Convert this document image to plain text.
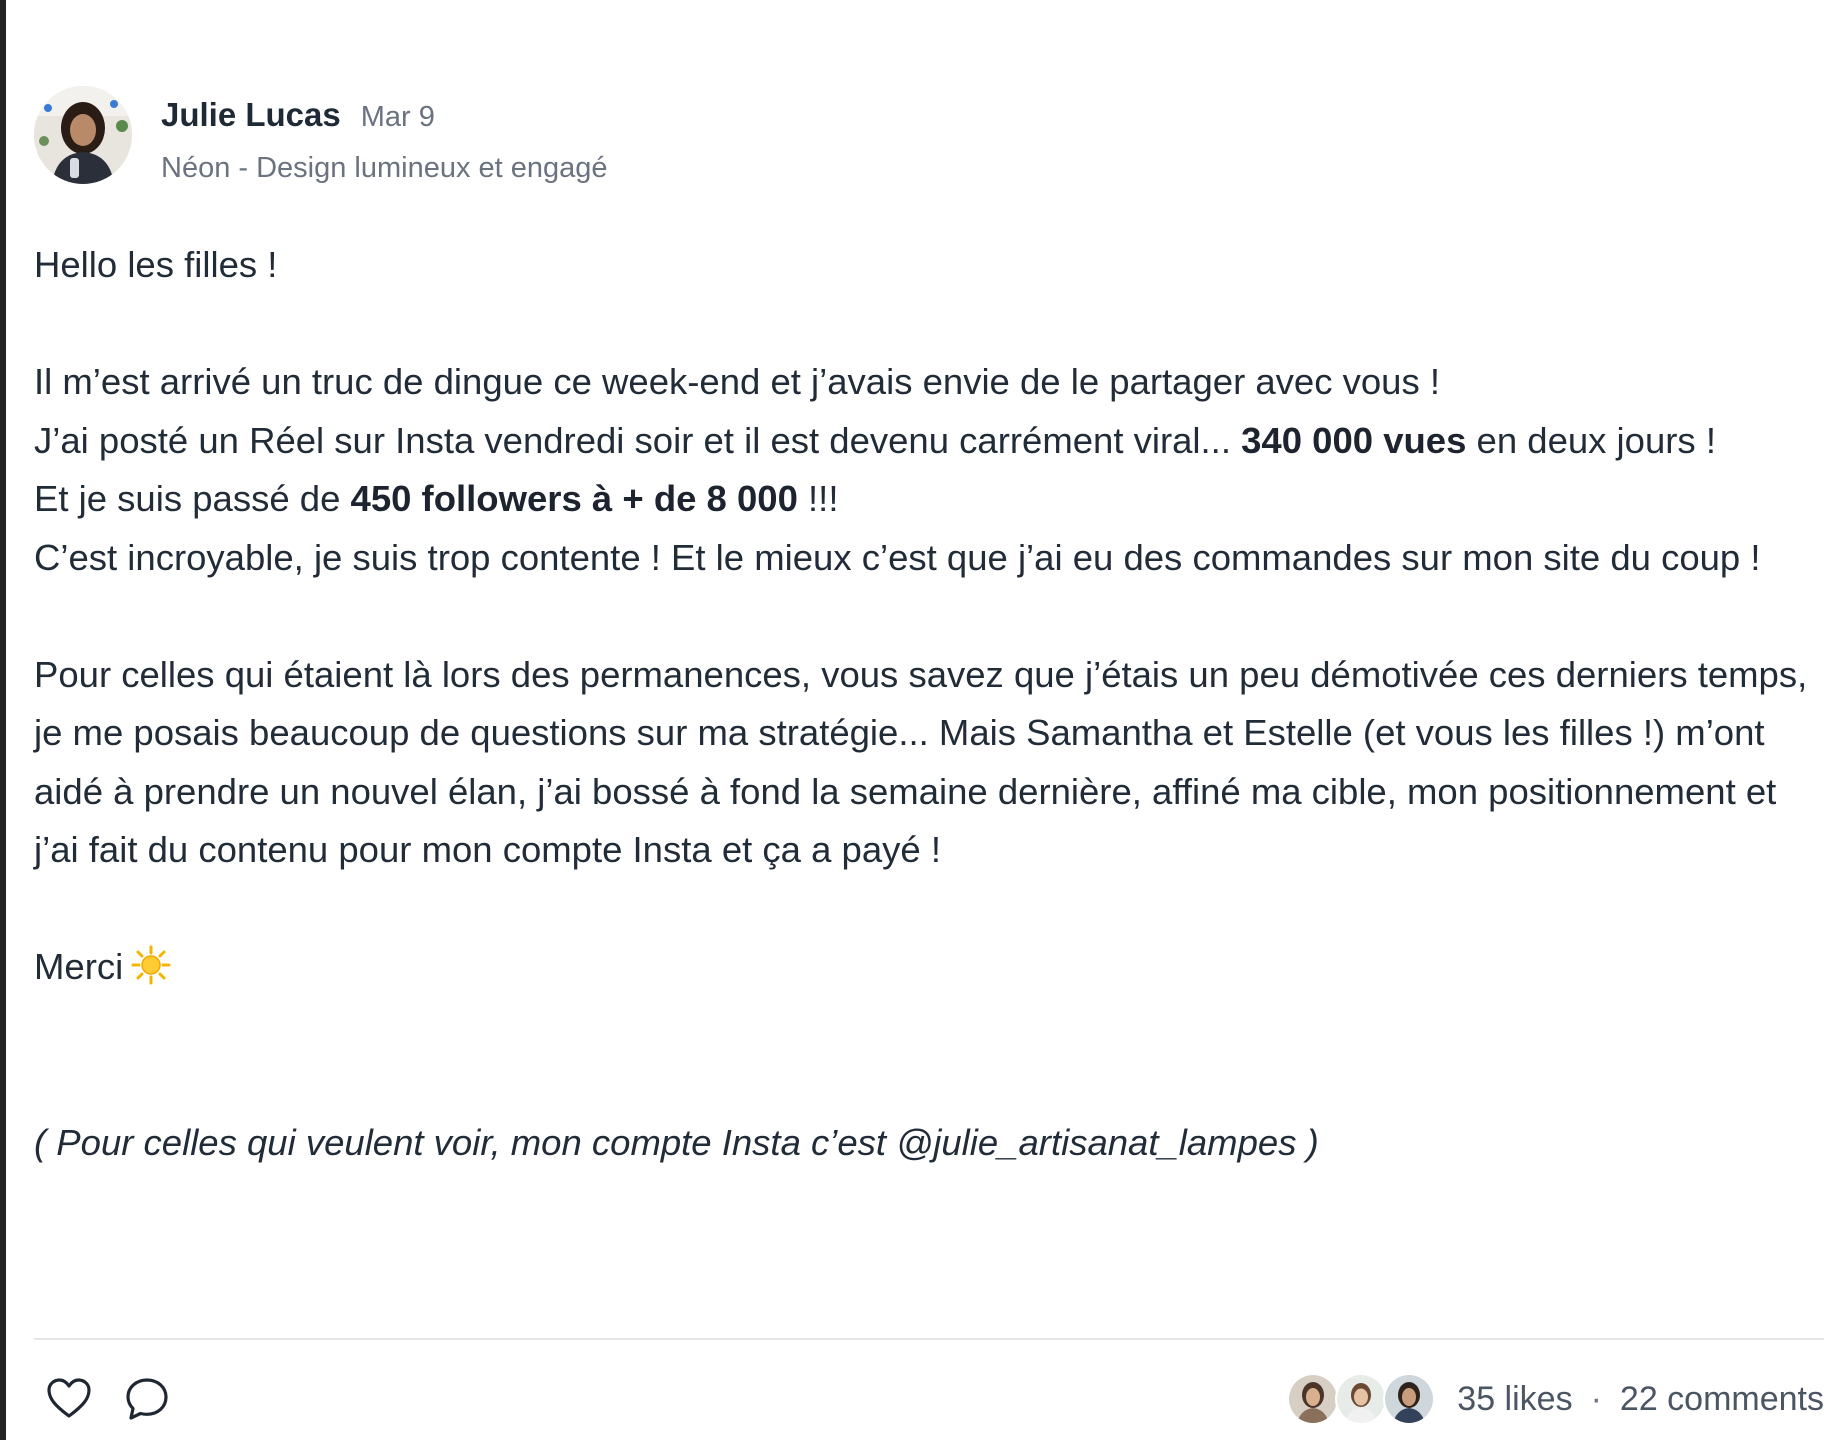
Julie Lucas Mar 9
Néon - Design lumineux et engagé

Hello les filles !

Il m’est arrivé un truc de dingue ce week-end et j’avais envie de le partager avec vous !

J’ai posté un Réel sur Insta vendredi soir et il est devenu carrément viral... 340 000 vues en deux jours !

Et je suis passé de 450 followers à + de 8 000 !!!

C’est incroyable, je suis trop contente ! Et le mieux c’est que j’ai eu des commandes sur mon site du coup !

Pour celles qui étaient là lors des permanences, vous savez que j’étais un peu démotivée ces derniers temps, je me posais beaucoup de questions sur ma stratégie... Mais Samantha et Estelle (et vous les filles !) m’ont aidé à prendre un nouvel élan, j’ai bossé à fond la semaine dernière, affiné ma cible, mon positionnement et j’ai fait du contenu pour mon compte Insta et ça a payé !

Merci

( Pour celles qui veulent voir, mon compte Insta c’est @julie_artisanat_lampes )

35 likes · 22 comments
